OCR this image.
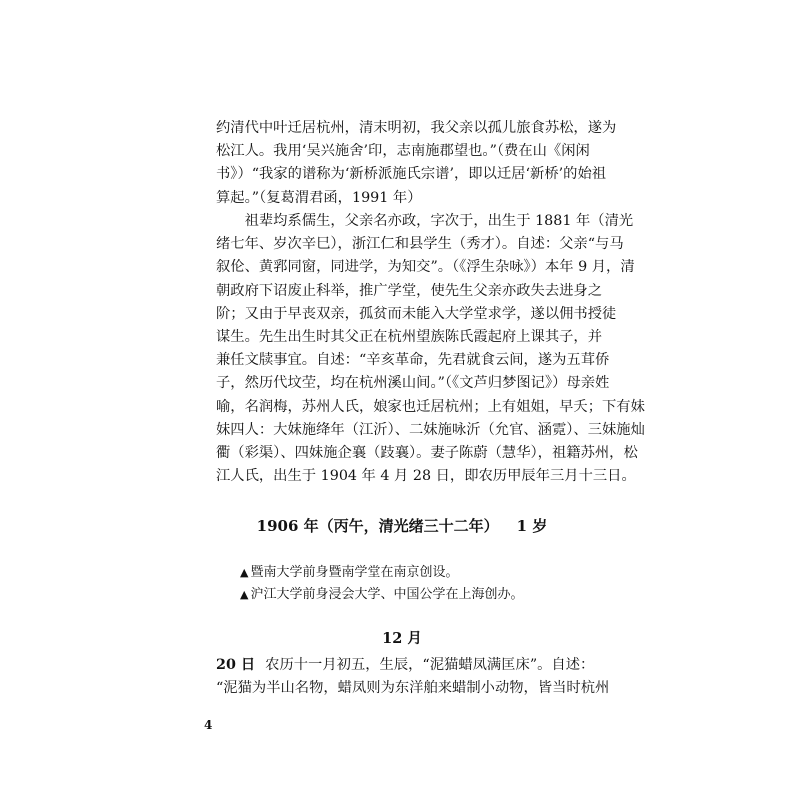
约清代中叶迁居杭州，清末明初，我父亲以孤儿旅食苏松，遂为
松江人。我用‘吴兴施舍’印，志南施郡望也。”（费在山《闲闲
书》）“我家的谱称为‘新桥派施氏宗谱’，即以迁居‘新桥’的始祖
算起。”（复葛渭君函，1991 年）
　　祖辈均系儒生，父亲名亦政，字次于，出生于 1881 年（清光
绪七年、岁次辛巳），浙江仁和县学生（秀才）。自述：父亲“与马
叙伦、黄郛同窗，同进学，为知交”。（《浮生杂咏》）本年 9 月，清
朝政府下诏废止科举，推广学堂，使先生父亲亦政失去进身之
阶；又由于早丧双亲，孤贫而未能入大学堂求学，遂以佣书授徒
谋生。先生出生时其父正在杭州望族陈氏霞起府上课其子，并
兼任文牍事宜。自述：“辛亥革命，先君就食云间，遂为五茸侨
子，然历代坟茔，均在杭州溪山间。”（《文芦归梦图记》）母亲姓
喻，名润梅，苏州人氏，娘家也迁居杭州；上有姐姐，早夭；下有妹
妹四人：大妹施绛年（江沂）、二妹施咏沂（允官、涵霓）、三妹施灿
衢（彩渠）、四妹施企襄（跂襄）。妻子陈蔚（慧华），祖籍苏州，松
江人氏，出生于 1904 年 4 月 28 日，即农历甲辰年三月十三日。
1906 年（丙午，清光绪三十二年） 1 岁
▲ 暨南大学前身暨南学堂在南京创设。
▲ 沪江大学前身浸会大学、中国公学在上海创办。
12 月
20 日 农历十一月初五，生辰，“泥猫蜡凤满匡床”。自述：
“泥猫为半山名物，蜡凤则为东洋舶来蜡制小动物，皆当时杭州
4
